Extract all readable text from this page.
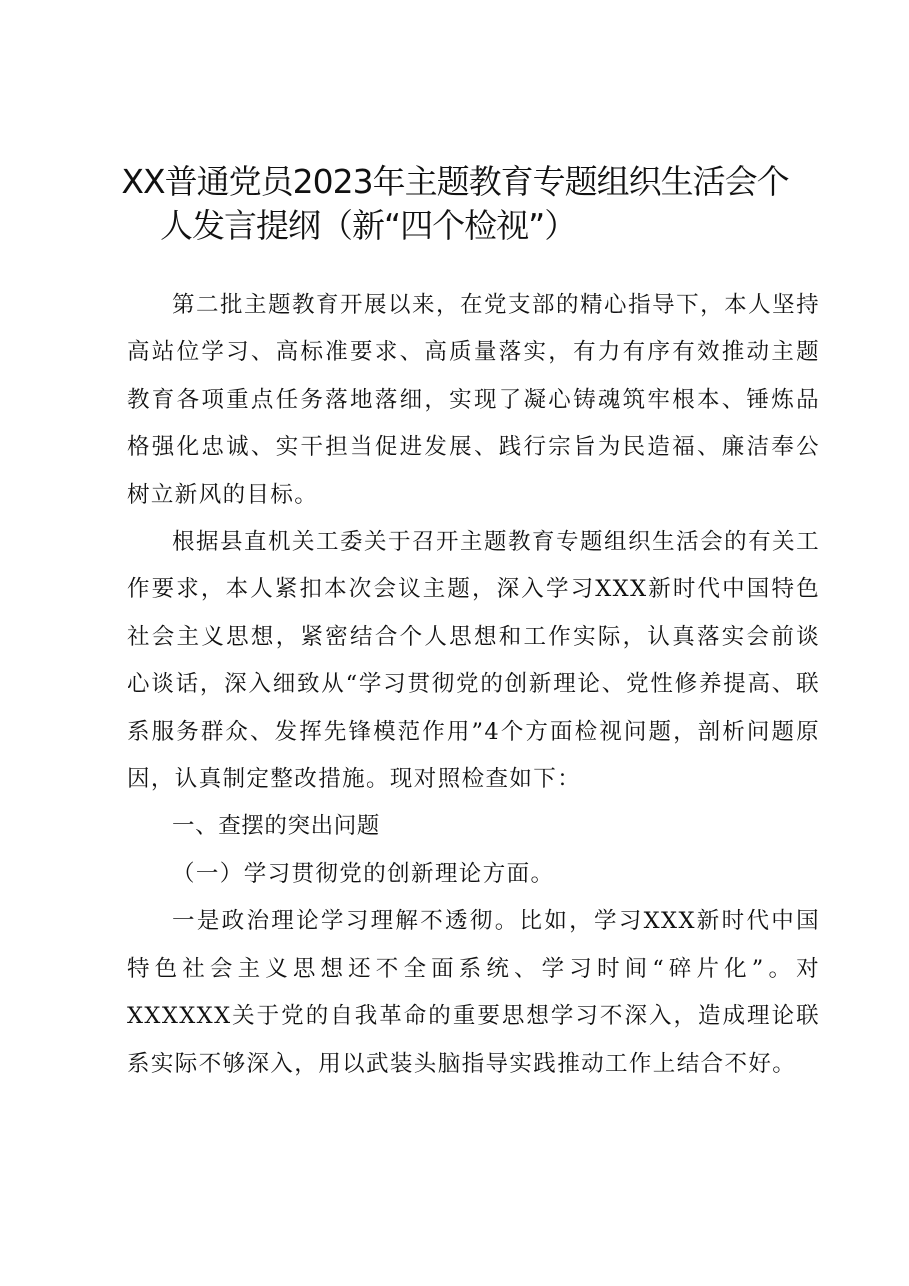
XX普通党员2023年主题教育专题组织生活会个
人发言提纲（新“四个检视”）

第二批主题教育开展以来，在党支部的精心指导下，本人坚持高站位学习、高标准要求、高质量落实，有力有序有效推动主题教育各项重点任务落地落细，实现了凝心铸魂筑牢根本、锤炼品格强化忠诚、实干担当促进发展、践行宗旨为民造福、廉洁奉公树立新风的目标。

根据县直机关工委关于召开主题教育专题组织生活会的有关工作要求，本人紧扣本次会议主题，深入学习XXX新时代中国特色社会主义思想，紧密结合个人思想和工作实际，认真落实会前谈心谈话，深入细致从“学习贯彻党的创新理论、党性修养提高、联系服务群众、发挥先锋模范作用”4个方面检视问题，剖析问题原因，认真制定整改措施。现对照检查如下：

一、查摆的突出问题

（一）学习贯彻党的创新理论方面。

一是政治理论学习理解不透彻。比如，学习XXX新时代中国特色社会主义思想还不全面系统、学习时间“碎片化”。对XXXXXX关于党的自我革命的重要思想学习不深入，造成理论联系实际不够深入，用以武装头脑指导实践推动工作上结合不好。
